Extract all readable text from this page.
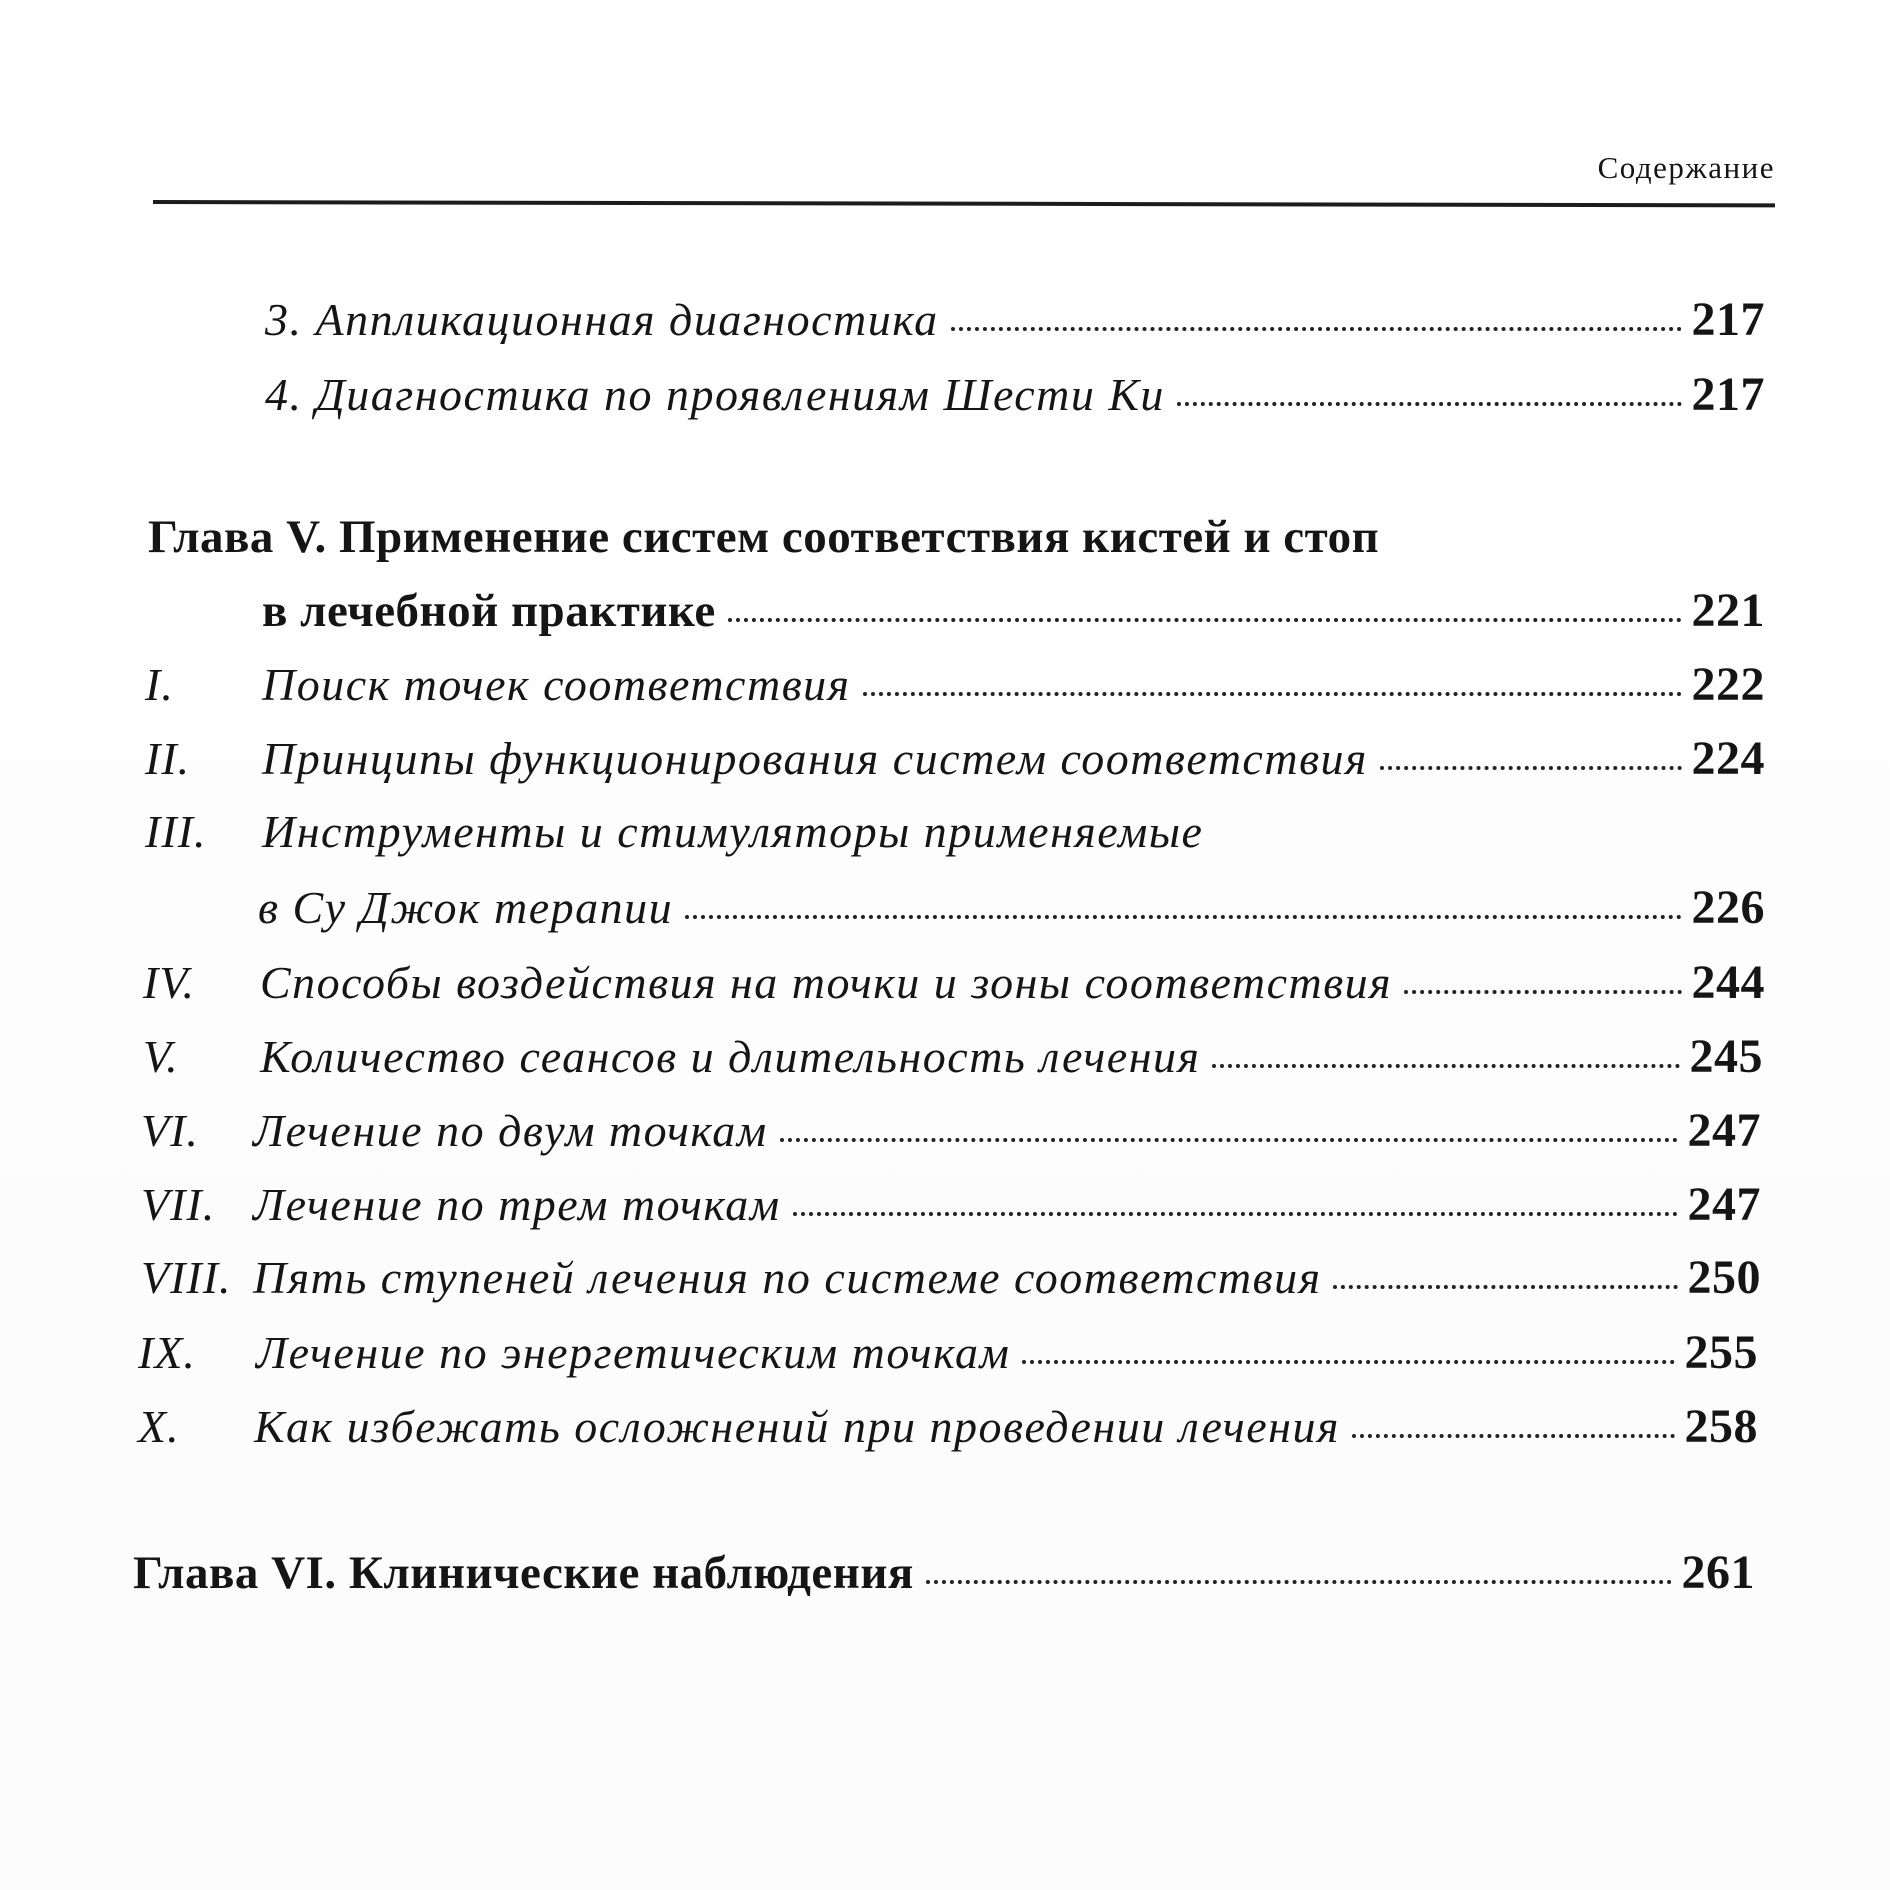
Содержание
3. Аппликационная диагностика	217
4. Диагностика по проявлениям Шести Ки	217
Глава V. Применение систем соответствия кистей и стоп
в лечебной практике	221
I.	Поиск точек соответствия	222
II.	Принципы функционирования систем соответствия	224
III.	Инструменты и стимуляторы применяемые
в Су Джок терапии	226
IV.	Способы воздействия на точки и зоны соответствия	244
V.	Количество сеансов и длительность лечения	245
VI.	Лечение по двум точкам	247
VII. Лечение по трем точкам	247
VIII. Пять ступеней лечения по системе соответствия	250
IX.	Лечение по энергетическим точкам	255
X.	Как избежать осложнений при проведении лечения	258
Глава VI. Клинические наблюдения	261
